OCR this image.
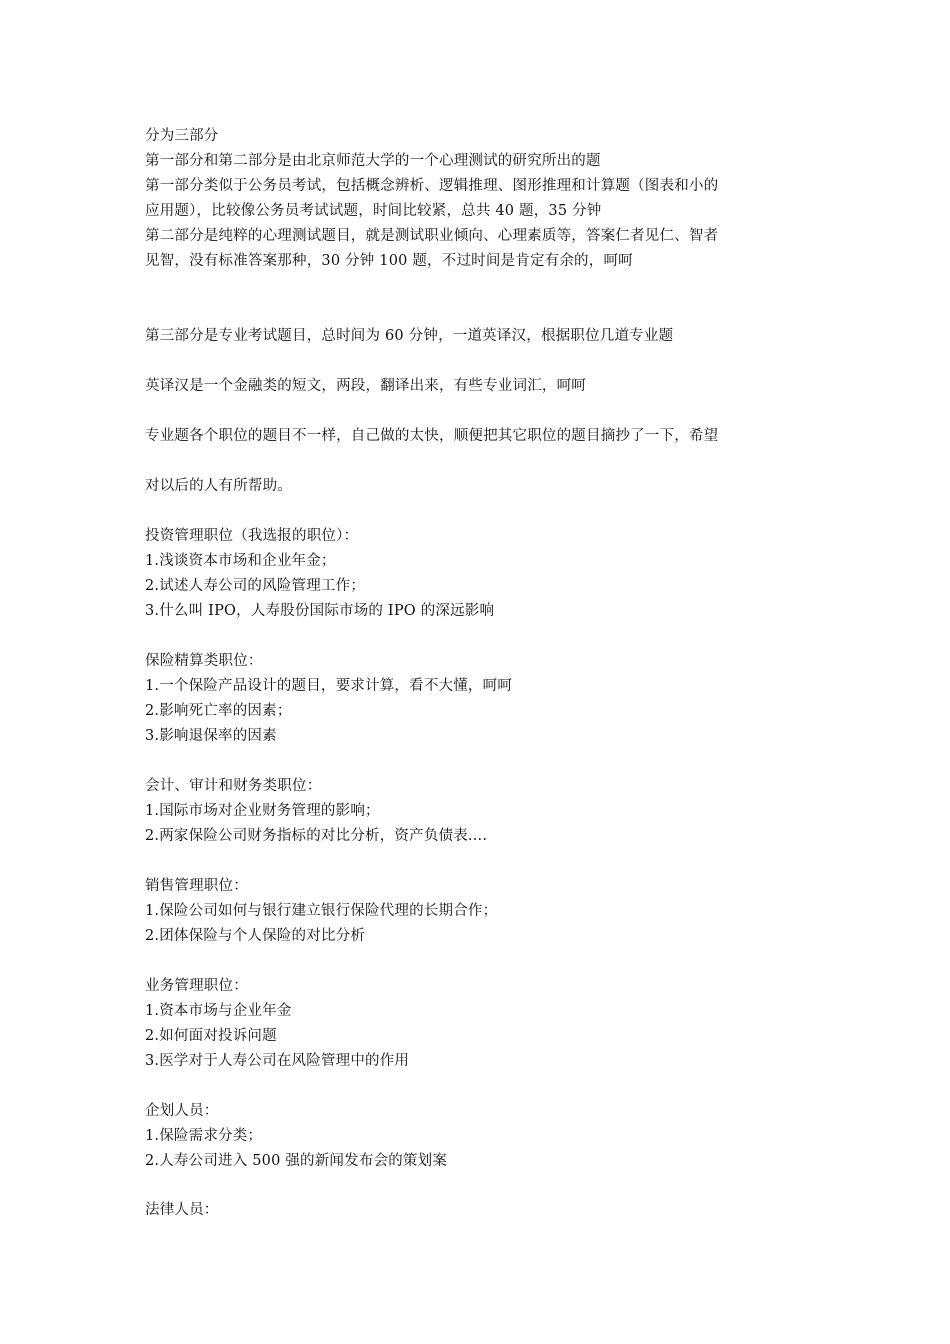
分为三部分
第一部分和第二部分是由北京师范大学的一个心理测试的研究所出的题
第一部分类似于公务员考试，包括概念辨析、逻辑推理、图形推理和计算题（图表和小的
应用题），比较像公务员考试试题，时间比较紧，总共 40 题，35 分钟
第二部分是纯粹的心理测试题目，就是测试职业倾向、心理素质等，答案仁者见仁、智者
见智，没有标准答案那种，30 分钟 100 题，不过时间是肯定有余的，呵呵
第三部分是专业考试题目，总时间为 60 分钟，一道英译汉，根据职位几道专业题
英译汉是一个金融类的短文，两段，翻译出来，有些专业词汇，呵呵
专业题各个职位的题目不一样，自己做的太快，顺便把其它职位的题目摘抄了一下，希望
对以后的人有所帮助。
投资管理职位（我选报的职位）：
1.浅谈资本市场和企业年金；
2.试述人寿公司的风险管理工作；
3.什么叫 IPO，人寿股份国际市场的 IPO 的深远影响
保险精算类职位：
1.一个保险产品设计的题目，要求计算，看不大懂，呵呵
2.影响死亡率的因素；
3.影响退保率的因素
会计、审计和财务类职位：
1.国际市场对企业财务管理的影响；
2.两家保险公司财务指标的对比分析，资产负债表....
销售管理职位：
1.保险公司如何与银行建立银行保险代理的长期合作；
2.团体保险与个人保险的对比分析
业务管理职位：
1.资本市场与企业年金
2.如何面对投诉问题
3.医学对于人寿公司在风险管理中的作用
企划人员：
1.保险需求分类；
2.人寿公司进入 500 强的新闻发布会的策划案
法律人员：
